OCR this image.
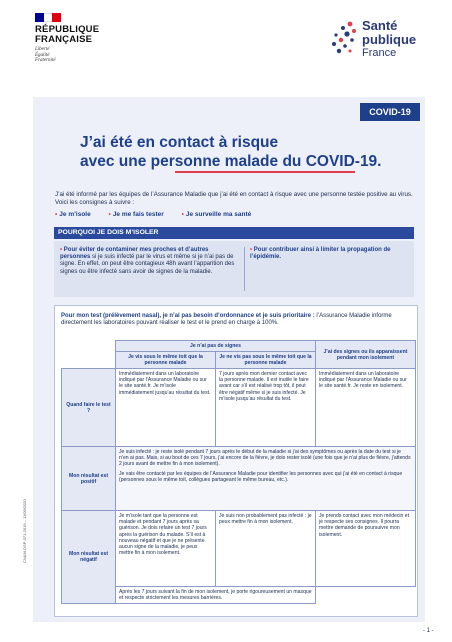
RÉPUBLIQUE
FRANÇAISE
Liberté
Égalité
Fraternité
Santé
publique
France
COVID-19
J’ai été en contact à risque
avec une personne malade du COVID-19.
J’ai été informé par les équipes de l’Assurance Maladie que j’ai été en contact à risque avec une personne testée positive au virus. Voici les consignes à suivre :
• Je m’isole	• Je me fais tester	• Je surveille ma santé
POURQUOI JE DOIS M’ISOLER
• Pour éviter de contaminer mes proches et d’autres personnes si je suis infecté par le virus et même si je n’ai pas de signe. En effet, on peut être contagieux 48h avant l’apparition des signes ou être infecté sans avoir de signes de la maladie.
• Pour contribuer ainsi à limiter la propagation de l’épidémie.
Pour mon test (prélèvement nasal), je n’ai pas besoin d’ordonnance et je suis prioritaire : l’Assurance Maladie informe directement les laboratoires pouvant réaliser le test et le prend en charge à 100%.
	Je n’ai pas de signes		J’ai des signes ou ils apparaissent pendant mon isolement
	Je vis sous le même toit que la personne malade	Je ne vis pas sous le même toit que la personne malade	
Quand faire le test ?	Immédiatement dans un laboratoire indiqué par l’Assurance Maladie ou sur le site santé.fr. Je m’isole immédiatement jusqu’au résultat du test.	7 jours après mon dernier contact avec la personne malade. Il est inutile le faire avant car s’il est réalisé trop tôt, il peut être négatif même si je suis infecté. Je m’isole jusqu’au résultat du test.	Immédiatement dans un laboratoire indiqué par l’Assurance Maladie ou sur le site santé.fr. Je reste en isolement.
Mon résultat est positif	Je suis infecté : je reste isolé pendant 7 jours après le début de la maladie si j’ai des symptômes ou après la date du test si je n’en ai pas. Mais, si au bout de ces 7 jours, j’ai encore de la fièvre, je dois rester isolé (une fois que je n’ai plus de fièvre, j’attends 2 jours avant de mettre fin à mon isolement).
Je vais être contacté par les équipes de l’Assurance Maladie pour identifier les personnes avec qui j’ai été en contact à risque (personnes sous le même toit, collègues partageant le même bureau, etc.).		

Mon résultat est négatif	Je m’isole tant que la personne est malade et pendant 7 jours après sa guérison. Je dois refaire un test 7 jours après la guérison du malade. S’il est à nouveau négatif et que je ne présente aucun signe de la maladie, je peux mettre fin à mon isolement.	Je suis non probablement pas infecté : je peux mettre fin à mon isolement.	Je prends contact avec mon médecin et je respecte ses consignes. Il pourra mettre demande de poursuivre mon isolement.
	Après les 7 jours suivant la fin de mon isolement, je porte rigoureusement un masque et respecte strictement les mesures barrières.		
CNAM-DSP-071-2019 – 11/09/2020
- 1 -
